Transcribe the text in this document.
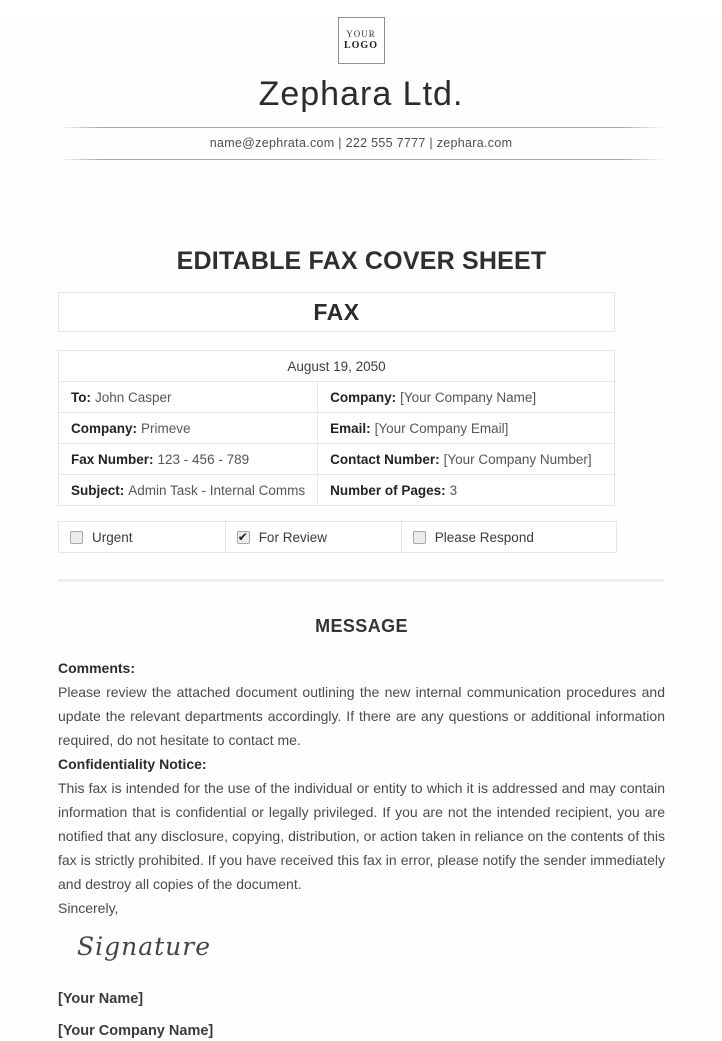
YOUR
LOGO
Zephara Ltd.
name@zephrata.com | 222 555 7777 | zephara.com
EDITABLE FAX COVER SHEET
FAX
August 19, 2050	
To: John Casper	Company: [Your Company Name]
Company: Primeve	Email: [Your Company Email]
Fax Number: 123 - 456 - 789	Contact Number: [Your Company Number]
Subject: Admin Task - Internal Comms	Number of Pages: 3
Urgent	✔ For Review	Please Respond
MESSAGE
Comments:
Please review the attached document outlining the new internal communication procedures and update the relevant departments accordingly. If there are any questions or additional information required, do not hesitate to contact me.
Confidentiality Notice:
This fax is intended for the use of the individual or entity to which it is addressed and may contain information that is confidential or legally privileged. If you are not the intended recipient, you are notified that any disclosure, copying, distribution, or action taken in reliance on the contents of this fax is strictly prohibited. If you have received this fax in error, please notify the sender immediately and destroy all copies of the document.
Sincerely,
Signature
[Your Name]
[Your Company Name]
